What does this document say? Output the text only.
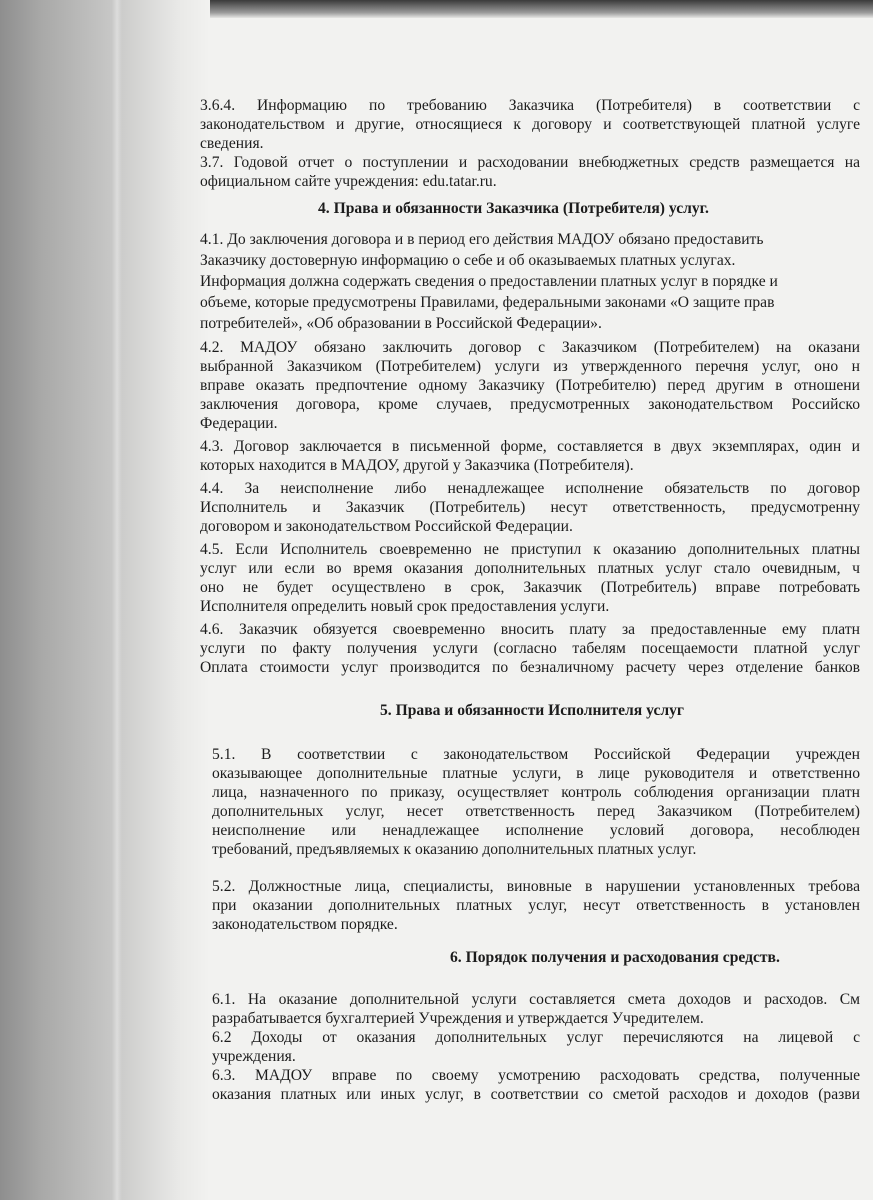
3.6.4. Информацию по требованию Заказчика (Потребителя) в соответствии с

законодательством и другие, относящиеся к договору и соответствующей платной услуге

сведения.

3.7. Годовой отчет о поступлении и расходовании внебюджетных средств размещается на

официальном сайте учреждения: edu.tatar.ru.

4. Права и обязанности Заказчика (Потребителя) услуг.

4.1. До заключения договора и в период его действия МАДОУ обязано предоставить

Заказчику достоверную информацию о себе и об оказываемых платных услугах.

Информация должна содержать сведения о предоставлении платных услуг в порядке и

объеме, которые предусмотрены Правилами, федеральными законами «О защите прав

потребителей», «Об образовании в Российской Федерации».

4.2. МАДОУ обязано заключить договор с Заказчиком (Потребителем) на оказани

выбранной Заказчиком (Потребителем) услуги из утвержденного перечня услуг, оно н

вправе оказать предпочтение одному Заказчику (Потребителю) перед другим в отношени

заключения договора, кроме случаев, предусмотренных законодательством Российско

Федерации.

4.3. Договор заключается в письменной форме, составляется в двух экземплярах, один и

которых находится в МАДОУ, другой у Заказчика (Потребителя).

4.4. За неисполнение либо ненадлежащее исполнение обязательств по договор

Исполнитель и Заказчик (Потребитель) несут ответственность, предусмотренну

договором и законодательством Российской Федерации.

4.5. Если Исполнитель своевременно не приступил к оказанию дополнительных платны

услуг или если во время оказания дополнительных платных услуг стало очевидным, ч

оно не будет осуществлено в срок, Заказчик (Потребитель) вправе потребовать

Исполнителя определить новый срок предоставления услуги.

4.6. Заказчик обязуется своевременно вносить плату за предоставленные ему платн

услуги по факту получения услуги (согласно табелям посещаемости платной услуг

Оплата стоимости услуг производится по безналичному расчету через отделение банков

5. Права и обязанности Исполнителя услуг

5.1. В соответствии с законодательством Российской Федерации учрежден

оказывающее дополнительные платные услуги, в лице руководителя и ответственно

лица, назначенного по приказу, осуществляет контроль соблюдения организации платн

дополнительных услуг, несет ответственность перед Заказчиком (Потребителем)

неисполнение или ненадлежащее исполнение условий договора, несоблюден

требований, предъявляемых к оказанию дополнительных платных услуг.

5.2. Должностные лица, специалисты, виновные в нарушении установленных требова

при оказании дополнительных платных услуг, несут ответственность в установлен

законодательством порядке.

6. Порядок получения и расходования средств.

6.1. На оказание дополнительной услуги составляется смета доходов и расходов. См

разрабатывается бухгалтерией Учреждения и утверждается Учредителем.

6.2 Доходы от оказания дополнительных услуг перечисляются на лицевой с

учреждения.

6.3. МАДОУ вправе по своему усмотрению расходовать средства, полученные

оказания платных или иных услуг, в соответствии со сметой расходов и доходов (разви
